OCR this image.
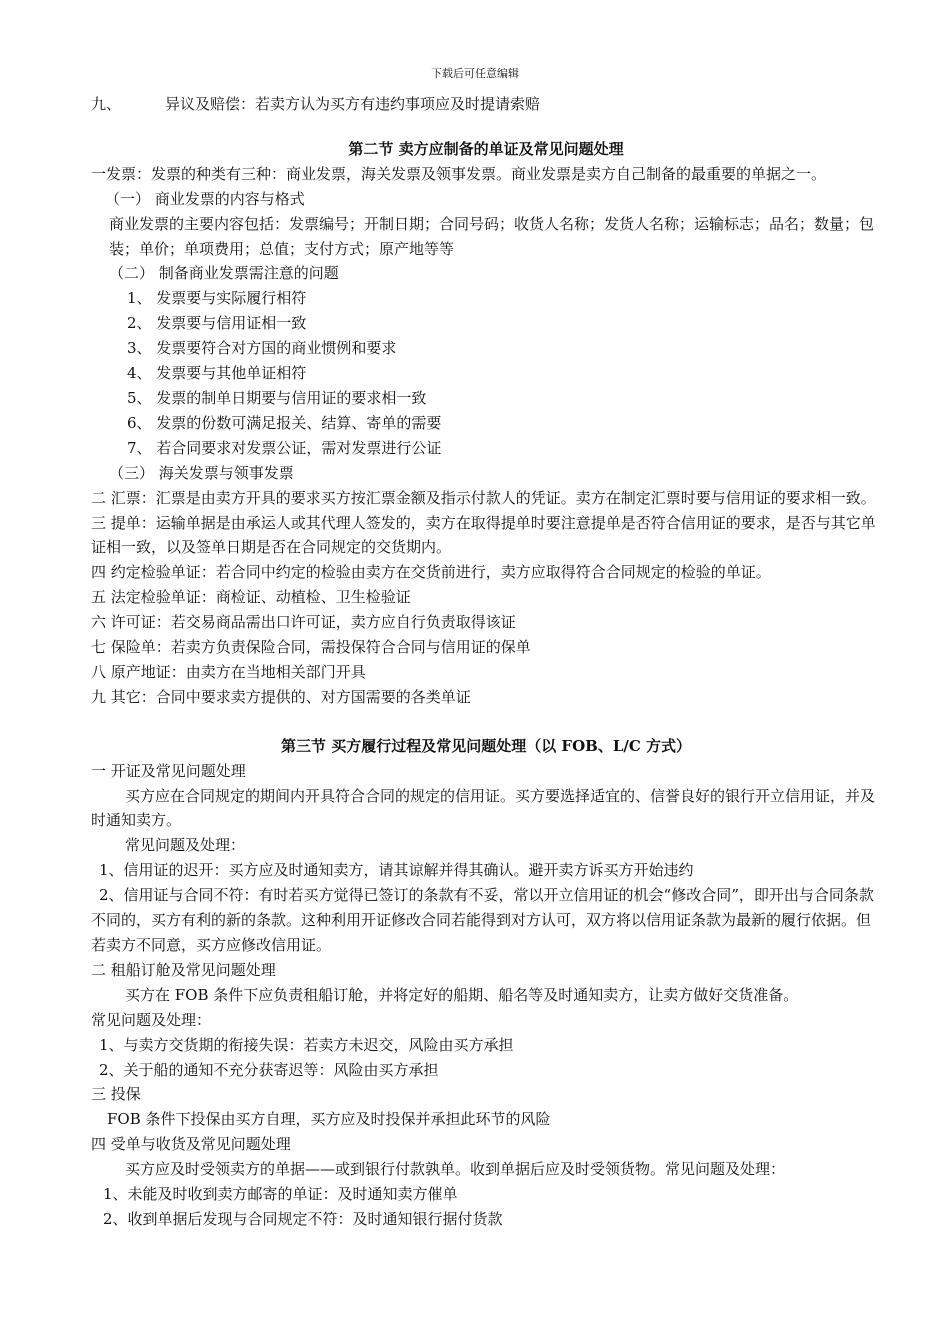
下载后可任意编辑
九、	异议及赔偿：若卖方认为买方有违约事项应及时提请索赔
第二节 卖方应制备的单证及常见问题处理
一发票：发票的种类有三种：商业发票，海关发票及领事发票。商业发票是卖方自己制备的最重要的单据之一。
（一） 商业发票的内容与格式
商业发票的主要内容包括：发票编号；开制日期；合同号码；收货人名称；发货人名称；运输标志；品名；数量；包装；单价；单项费用；总值；支付方式；原产地等等
（二） 制备商业发票需注意的问题
1、 发票要与实际履行相符
2、 发票要与信用证相一致
3、 发票要符合对方国的商业惯例和要求
4、 发票要与其他单证相符
5、 发票的制单日期要与信用证的要求相一致
6、 发票的份数可满足报关、结算、寄单的需要
7、 若合同要求对发票公证，需对发票进行公证
（三） 海关发票与领事发票
二 汇票：汇票是由卖方开具的要求买方按汇票金额及指示付款人的凭证。卖方在制定汇票时要与信用证的要求相一致。
三 提单：运输单据是由承运人或其代理人签发的，卖方在取得提单时要注意提单是否符合信用证的要求，是否与其它单证相一致，以及签单日期是否在合同规定的交货期内。
四 约定检验单证：若合同中约定的检验由卖方在交货前进行，卖方应取得符合合同规定的检验的单证。
五 法定检验单证：商检证、动植检、卫生检验证
六 许可证：若交易商品需出口许可证，卖方应自行负责取得该证
七 保险单：若卖方负责保险合同，需投保符合合同与信用证的保单
八 原产地证：由卖方在当地相关部门开具
九 其它：合同中要求卖方提供的、对方国需要的各类单证
第三节 买方履行过程及常见问题处理（以 FOB、L/C 方式）
一 开证及常见问题处理
买方应在合同规定的期间内开具符合合同的规定的信用证。买方要选择适宜的、信誉良好的银行开立信用证，并及时通知卖方。
常见问题及处理：
1、信用证的迟开：买方应及时通知卖方，请其谅解并得其确认。避开卖方诉买方开始违约
2、信用证与合同不符：有时若买方觉得已签订的条款有不妥，常以开立信用证的机会“修改合同”，即开出与合同条款不同的，买方有利的新的条款。这种利用开证修改合同若能得到对方认可，双方将以信用证条款为最新的履行依据。但若卖方不同意，买方应修改信用证。
二 租船订舱及常见问题处理
买方在 FOB 条件下应负责租船订舱，并将定好的船期、船名等及时通知卖方，让卖方做好交货准备。
常见问题及处理：
1、与卖方交货期的衔接失误：若卖方未迟交，风险由买方承担
2、关于船的通知不充分获寄迟等：风险由买方承担
三 投保
FOB 条件下投保由买方自理，买方应及时投保并承担此环节的风险
四 受单与收货及常见问题处理
买方应及时受领卖方的单据——或到银行付款孰单。收到单据后应及时受领货物。常见问题及处理：
1、未能及时收到卖方邮寄的单证：及时通知卖方催单
2、收到单据后发现与合同规定不符：及时通知银行据付货款
